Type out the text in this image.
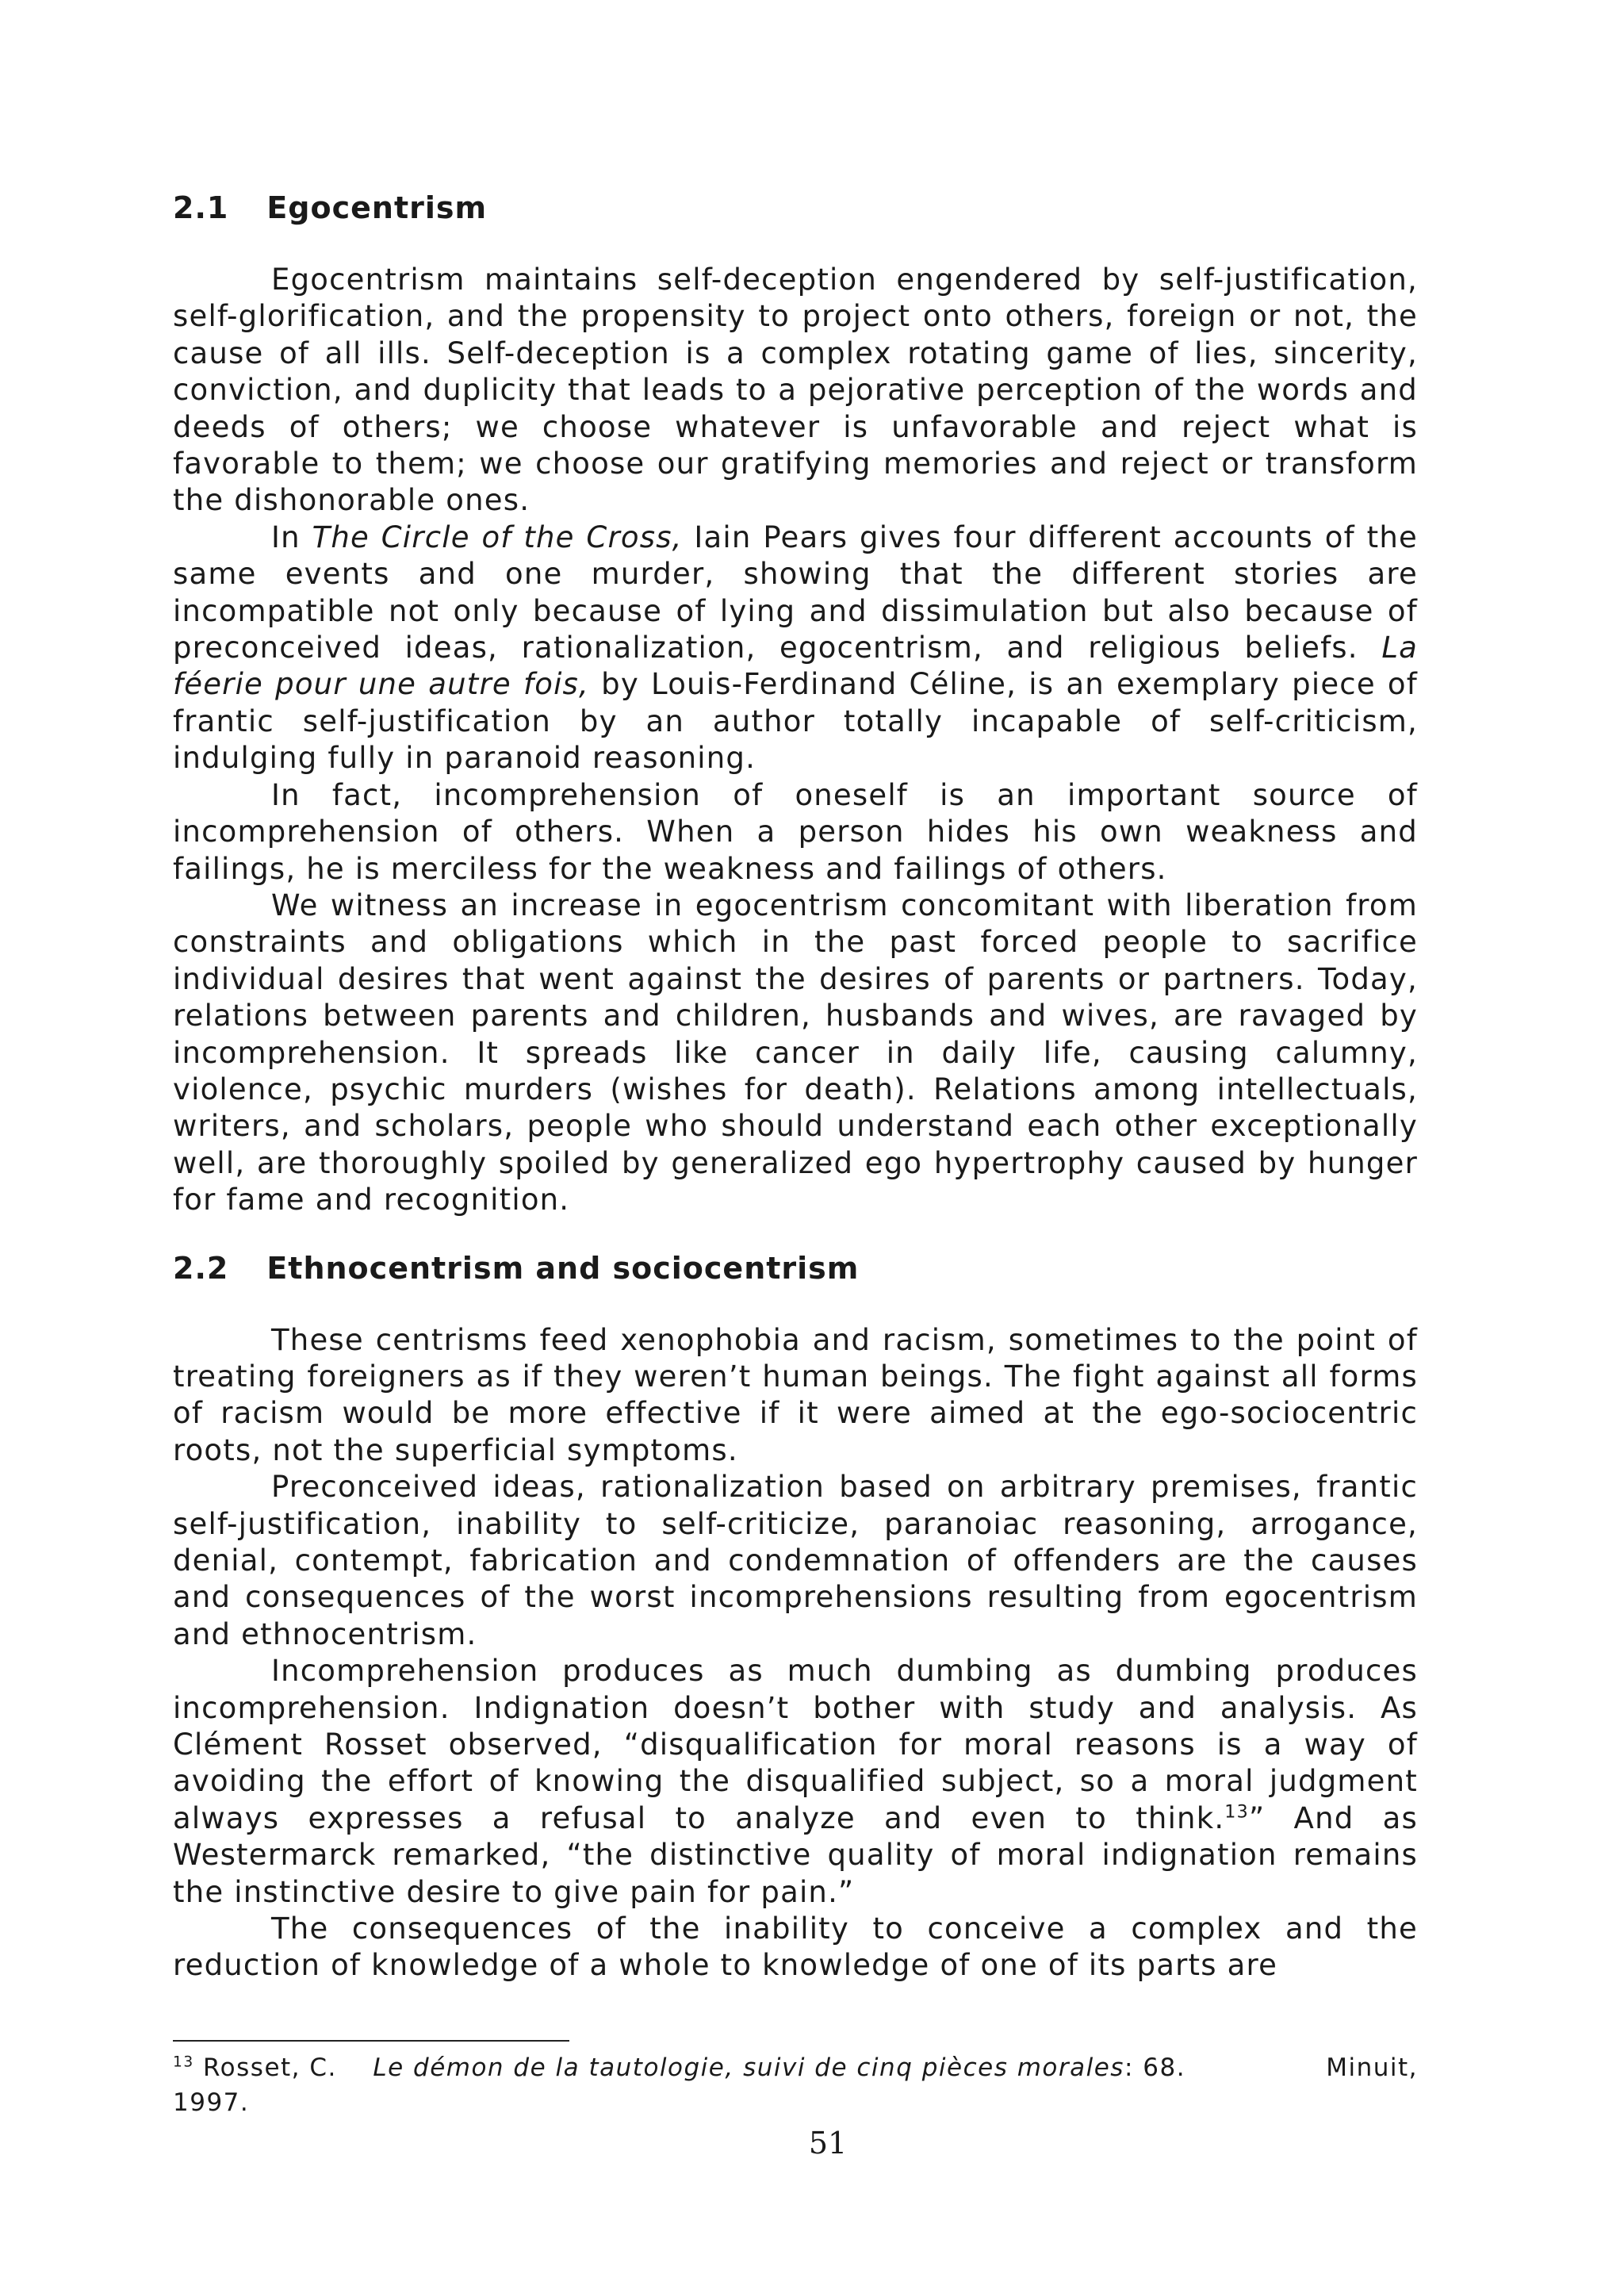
2.1 Egocentrism

Egocentrism maintains self-deception engendered by self-justification, self-glorification, and the propensity to project onto others, foreign or not, the cause of all ills. Self-deception is a complex rotating game of lies, sincerity, conviction, and duplicity that leads to a pejorative perception of the words and deeds of others; we choose whatever is unfavorable and reject what is favorable to them; we choose our gratifying memories and reject or transform the dishonorable ones.

In The Circle of the Cross, Iain Pears gives four different accounts of the same events and one murder, showing that the different stories are incompatible not only because of lying and dissimulation but also because of preconceived ideas, rationalization, egocentrism, and religious beliefs. La féerie pour une autre fois, by Louis-Ferdinand Céline, is an exemplary piece of frantic self-justification by an author totally incapable of self-criticism, indulging fully in paranoid reasoning.

In fact, incomprehension of oneself is an important source of incomprehension of others. When a person hides his own weakness and failings, he is merciless for the weakness and failings of others.

We witness an increase in egocentrism concomitant with liberation from constraints and obligations which in the past forced people to sacrifice individual desires that went against the desires of parents or partners. Today, relations between parents and children, husbands and wives, are ravaged by incomprehension. It spreads like cancer in daily life, causing calumny, violence, psychic murders (wishes for death). Relations among intellectuals, writers, and scholars, people who should understand each other exceptionally well, are thoroughly spoiled by generalized ego hypertrophy caused by hunger for fame and recognition.

2.2 Ethnocentrism and sociocentrism

These centrisms feed xenophobia and racism, sometimes to the point of treating foreigners as if they weren’t human beings. The fight against all forms of racism would be more effective if it were aimed at the ego-sociocentric roots, not the superficial symptoms.

Preconceived ideas, rationalization based on arbitrary premises, frantic self-justification, inability to self-criticize, paranoiac reasoning, arrogance, denial, contempt, fabrication and condemnation of offenders are the causes and consequences of the worst incomprehensions resulting from egocentrism and ethnocentrism.

Incomprehension produces as much dumbing as dumbing produces incomprehension. Indignation doesn’t bother with study and analysis. As Clément Rosset observed, “disqualification for moral reasons is a way of avoiding the effort of knowing the disqualified subject, so a moral judgment always expresses a refusal to analyze and even to think.$^{13}$” And as Westermarck remarked, “the distinctive quality of moral indignation remains the instinctive desire to give pain for pain.”

The consequences of the inability to conceive a complex and the reduction of knowledge of a whole to knowledge of one of its parts are

$^{13}$ Rosset, C. Le démon de la tautologie, suivi de cinq pièces morales: 68.	Minuit,
1997.
51
